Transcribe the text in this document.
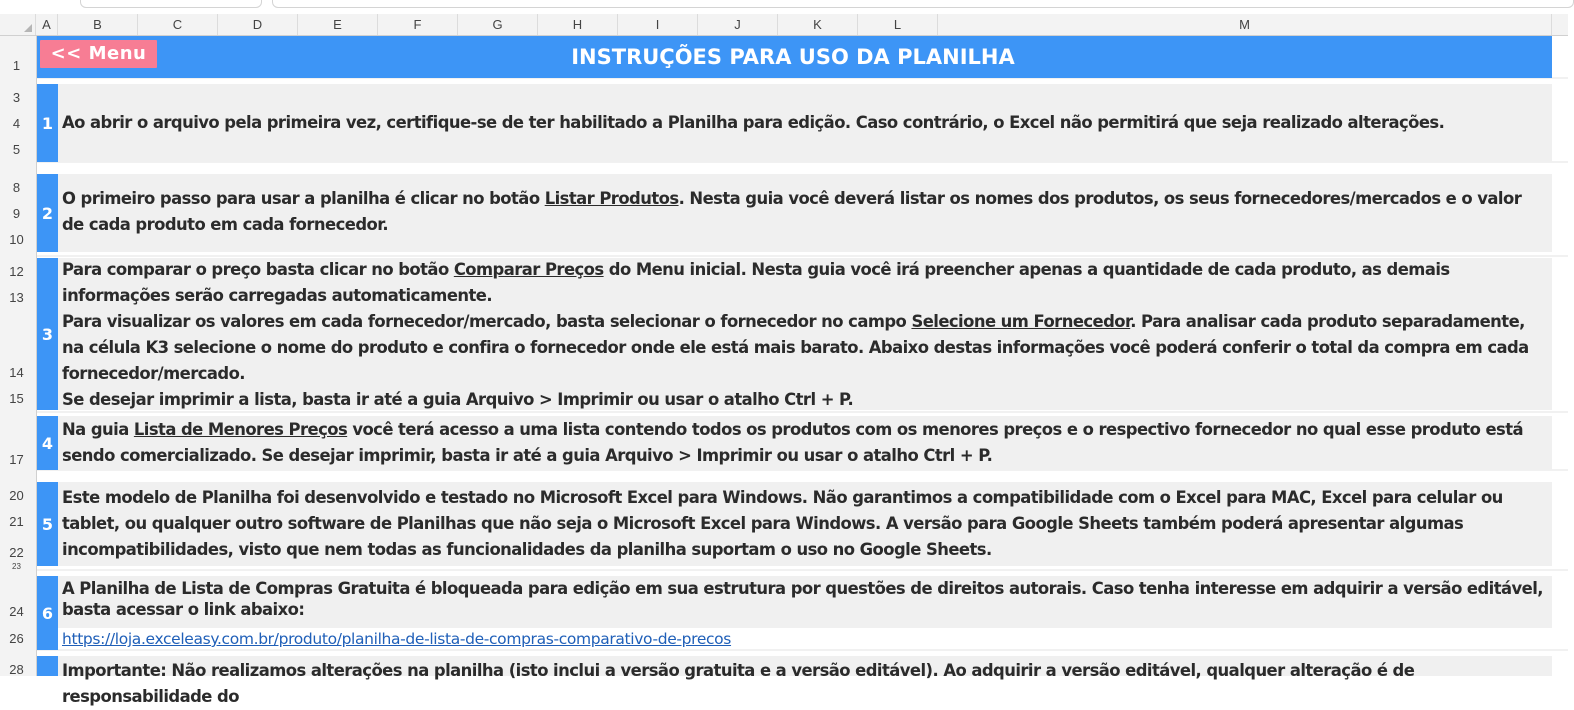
A	B	C	D	E	F	G	H	I	J	K	L	M
1
3
4
5
8
9
10
12
13
14
15
17
20
21
22
23
24
26
28
INSTRUÇÕES PARA USO DA PLANILHA
<< Menu
1 Ao abrir o arquivo pela primeira vez, certifique-se de ter habilitado a Planilha para edição. Caso contrário, o Excel não permitirá que seja realizado alterações.
2
O primeiro passo para usar a planilha é clicar no botão Listar Produtos. Nesta guia você deverá listar os nomes dos produtos, os seus fornecedores/mercados e o valor de cada produto em cada fornecedor.
3
Para comparar o preço basta clicar no botão Comparar Preços do Menu inicial. Nesta guia você irá preencher apenas a quantidade de cada produto, as demais informações serão carregadas automaticamente.
Para visualizar os valores em cada fornecedor/mercado, basta selecionar o fornecedor no campo Selecione um Fornecedor. Para analisar cada produto separadamente, na célula K3 selecione o nome do produto e confira o fornecedor onde ele está mais barato. Abaixo destas informações você poderá conferir o total da compra em cada fornecedor/mercado.
Se desejar imprimir a lista, basta ir até a guia Arquivo > Imprimir ou usar o atalho Ctrl + P.
4
Na guia Lista de Menores Preços você terá acesso a uma lista contendo todos os produtos com os menores preços e o respectivo fornecedor no qual esse produto está sendo comercializado. Se desejar imprimir, basta ir até a guia Arquivo > Imprimir ou usar o atalho Ctrl + P.
5
Este modelo de Planilha foi desenvolvido e testado no Microsoft Excel para Windows. Não garantimos a compatibilidade com o Excel para MAC, Excel para celular ou tablet, ou qualquer outro software de Planilhas que não seja o Microsoft Excel para Windows. A versão para Google Sheets também poderá apresentar algumas incompatibilidades, visto que nem todas as funcionalidades da planilha suportam o uso no Google Sheets.
6
A Planilha de Lista de Compras Gratuita é bloqueada para edição em sua estrutura por questões de direitos autorais. Caso tenha interesse em adquirir a versão editável, basta acessar o link abaixo:
https://loja.exceleasy.com.br/produto/planilha-de-lista-de-compras-comparativo-de-precos
Importante: Não realizamos alterações na planilha (isto inclui a versão gratuita e a versão editável). Ao adquirir a versão editável, qualquer alteração é de responsabilidade do
